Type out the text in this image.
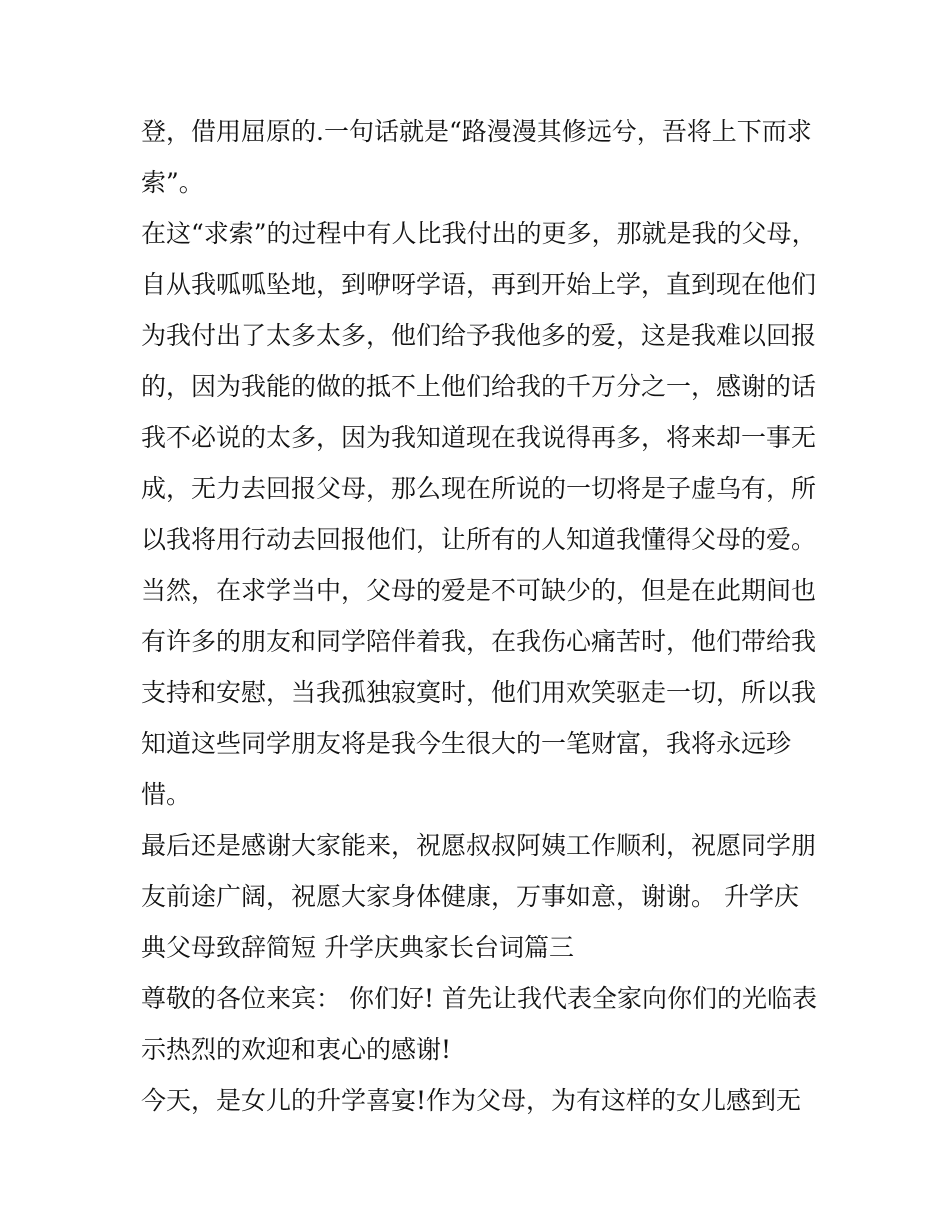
登，借用屈原的.一句话就是“路漫漫其修远兮，吾将上下而求
索”。
在这“求索”的过程中有人比我付出的更多，那就是我的父母，
自从我呱呱坠地，到咿呀学语，再到开始上学，直到现在他们
为我付出了太多太多，他们给予我他多的爱，这是我难以回报
的，因为我能的做的抵不上他们给我的千万分之一，感谢的话
我不必说的太多，因为我知道现在我说得再多，将来却一事无
成，无力去回报父母，那么现在所说的一切将是子虚乌有，所
以我将用行动去回报他们，让所有的人知道我懂得父母的爱。
当然，在求学当中，父母的爱是不可缺少的，但是在此期间也
有许多的朋友和同学陪伴着我，在我伤心痛苦时，他们带给我
支持和安慰，当我孤独寂寞时，他们用欢笑驱走一切，所以我
知道这些同学朋友将是我今生很大的一笔财富，我将永远珍
惜。
最后还是感谢大家能来，祝愿叔叔阿姨工作顺利，祝愿同学朋
友前途广阔，祝愿大家身体健康，万事如意，谢谢。 升学庆
典父母致辞简短 升学庆典家长台词篇三
尊敬的各位来宾： 你们好! 首先让我代表全家向你们的光临表
示热烈的欢迎和衷心的感谢!
今天，是女儿的升学喜宴!作为父母，为有这样的女儿感到无
